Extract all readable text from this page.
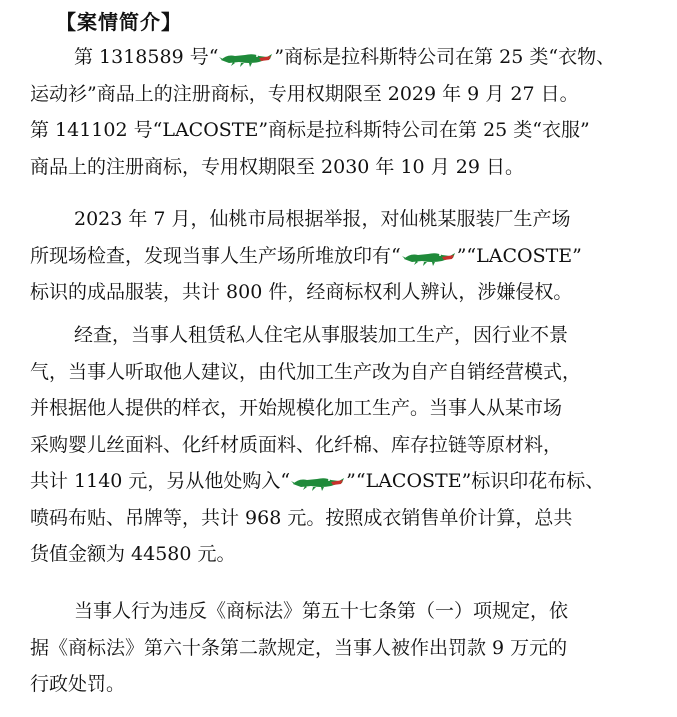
【案情简介】
第 1318589 号“	”商标是拉科斯特公司在第 25 类“衣物、
运动衫”商品上的注册商标，专用权期限至 2029 年 9 月 27 日。
第 141102 号“LACOSTE”商标是拉科斯特公司在第 25 类“衣服”
商品上的注册商标，专用权期限至 2030 年 10 月 29 日。
2023 年 7 月，仙桃市局根据举报，对仙桃某服装厂生产场
所现场检查，发现当事人生产场所堆放印有“	”“LACOSTE”
标识的成品服装，共计 800 件，经商标权利人辨认，涉嫌侵权。
经查，当事人租赁私人住宅从事服装加工生产，因行业不景
气，当事人听取他人建议，由代加工生产改为自产自销经营模式，
并根据他人提供的样衣，开始规模化加工生产。当事人从某市场
采购婴儿丝面料、化纤材质面料、化纤棉、库存拉链等原材料，
共计 1140 元，另从他处购入“	”“LACOSTE”标识印花布标、
喷码布贴、吊牌等，共计 968 元。按照成衣销售单价计算，总共
货值金额为 44580 元。
当事人行为违反《商标法》第五十七条第（一）项规定，依
据《商标法》第六十条第二款规定，当事人被作出罚款 9 万元的
行政处罚。
